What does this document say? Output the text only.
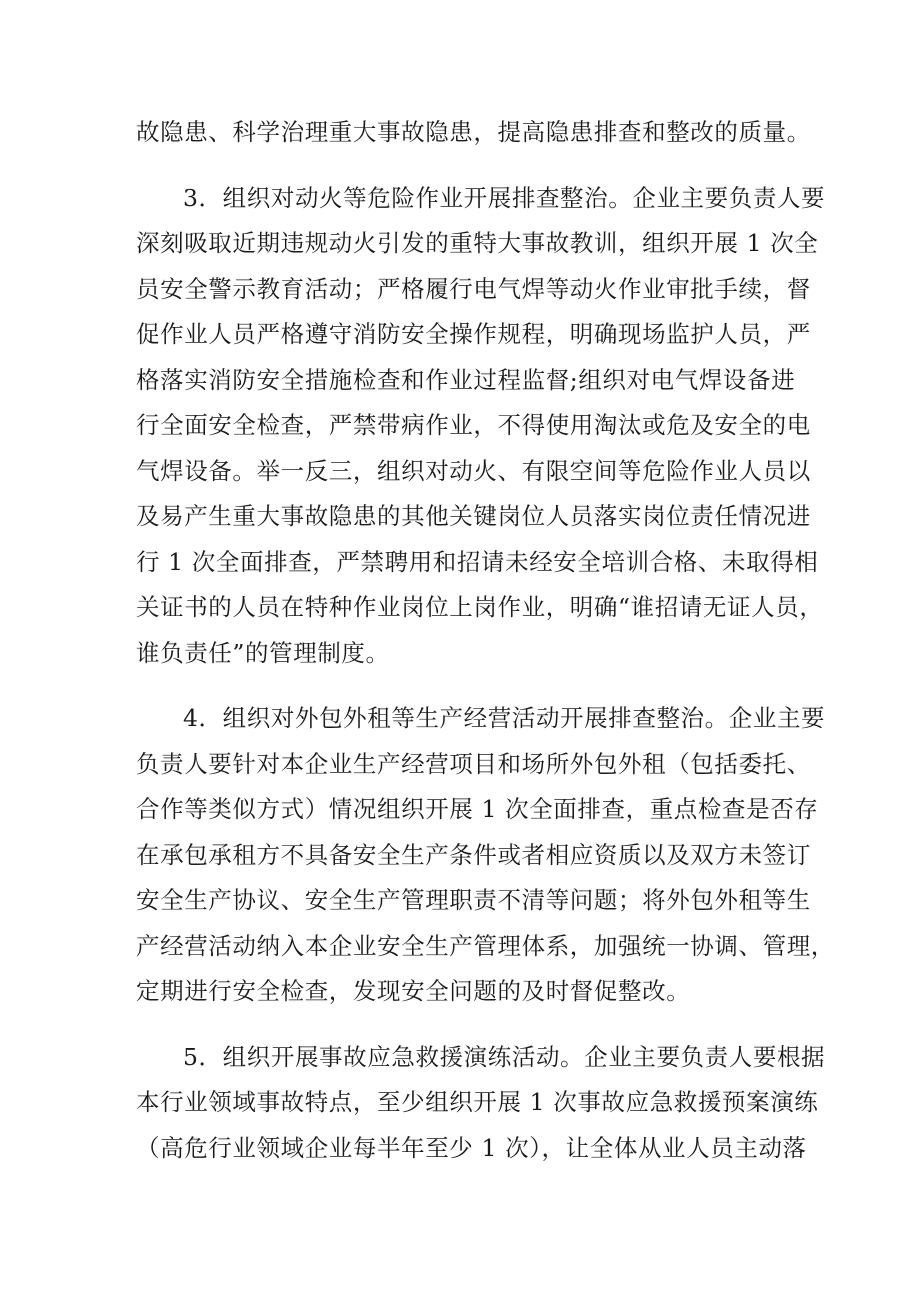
故隐患、科学治理重大事故隐患，提高隐患排查和整改的质量。
3．组织对动火等危险作业开展排查整治。企业主要负责人要
深刻吸取近期违规动火引发的重特大事故教训，组织开展 1 次全
员安全警示教育活动；严格履行电气焊等动火作业审批手续，督
促作业人员严格遵守消防安全操作规程，明确现场监护人员，严
格落实消防安全措施检查和作业过程监督;组织对电气焊设备进
行全面安全检查，严禁带病作业，不得使用淘汰或危及安全的电
气焊设备。举一反三，组织对动火、有限空间等危险作业人员以
及易产生重大事故隐患的其他关键岗位人员落实岗位责任情况进
行 1 次全面排查，严禁聘用和招请未经安全培训合格、未取得相
关证书的人员在特种作业岗位上岗作业，明确“谁招请无证人员，
谁负责任”的管理制度。
4．组织对外包外租等生产经营活动开展排查整治。企业主要
负责人要针对本企业生产经营项目和场所外包外租（包括委托、
合作等类似方式）情况组织开展 1 次全面排查，重点检查是否存
在承包承租方不具备安全生产条件或者相应资质以及双方未签订
安全生产协议、安全生产管理职责不清等问题；将外包外租等生
产经营活动纳入本企业安全生产管理体系，加强统一协调、管理，
定期进行安全检查，发现安全问题的及时督促整改。
5．组织开展事故应急救援演练活动。企业主要负责人要根据
本行业领域事故特点，至少组织开展 1 次事故应急救援预案演练
（高危行业领域企业每半年至少 1 次），让全体从业人员主动落
